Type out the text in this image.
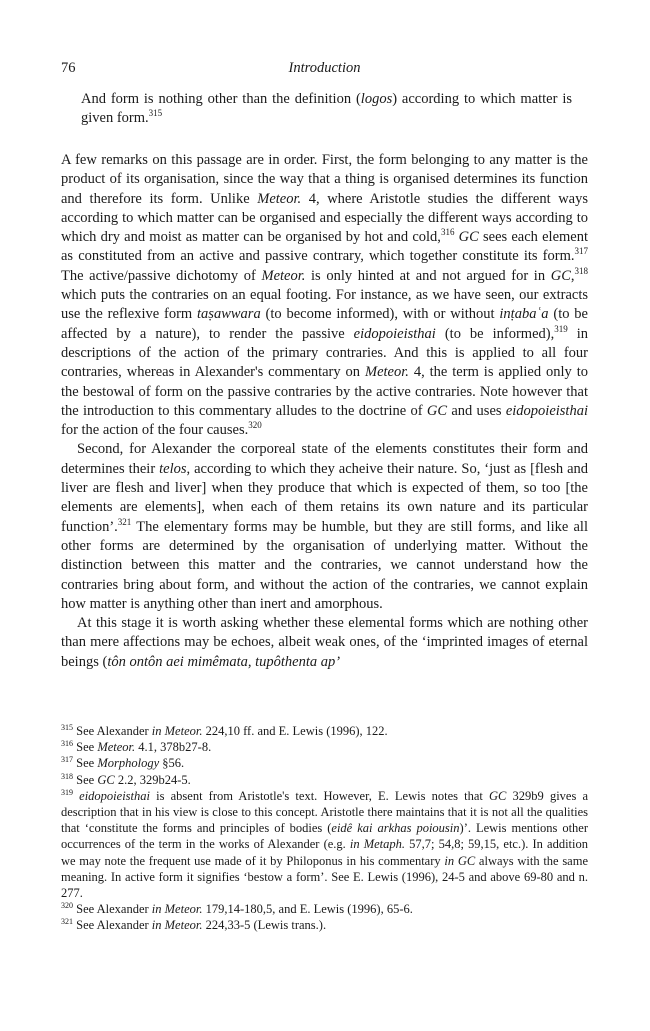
76	Introduction
And form is nothing other than the definition (logos) according to which matter is given form.$^{315}$

A few remarks on this passage are in order. First, the form belonging to any matter is the product of its organisation, since the way that a thing is organised determines its function and therefore its form. Unlike Meteor. 4, where Aristotle studies the different ways according to which matter can be organised and especially the different ways according to which dry and moist as matter can be organised by hot and cold,$^{316}$ GC sees each element as constituted from an active and passive contrary, which together constitute its form.$^{317}$ The active/passive dichotomy of Meteor. is only hinted at and not argued for in GC,$^{318}$ which puts the contraries on an equal footing. For instance, as we have seen, our extracts use the reflexive form taṣawwara (to become informed), with or without inṭabaʿa (to be affected by a nature), to render the passive eidopoieisthai (to be informed),$^{319}$ in descriptions of the action of the primary contraries. And this is applied to all four contraries, whereas in Alexander's commentary on Meteor. 4, the term is applied only to the bestowal of form on the passive contraries by the active contraries. Note however that the introduction to this commentary alludes to the doctrine of GC and uses eidopoieisthai for the action of the four causes.$^{320}$

Second, for Alexander the corporeal state of the elements constitutes their form and determines their telos, according to which they acheive their nature. So, ‘just as [flesh and liver are flesh and liver] when they produce that which is expected of them, so too [the elements are elements], when each of them retains its own nature and its particular function’.$^{321}$ The elementary forms may be humble, but they are still forms, and like all other forms are determined by the organisation of underlying matter. Without the distinction between this matter and the contraries, we cannot understand how the contraries bring about form, and without the action of the contraries, we cannot explain how matter is anything other than inert and amorphous.

At this stage it is worth asking whether these elemental forms which are nothing other than mere affections may be echoes, albeit weak ones, of the ‘imprinted images of eternal beings (tôn ontôn aei mimêmata, tupôthenta ap’

$^{315}$ See Alexander in Meteor. 224,10 ff. and E. Lewis (1996), 122.
$^{316}$ See Meteor. 4.1, 378b27-8.
$^{317}$ See Morphology §56.
$^{318}$ See GC 2.2, 329b24-5.
$^{319}$ eidopoieisthai is absent from Aristotle's text. However, E. Lewis notes that GC 329b9 gives a description that in his view is close to this concept. Aristotle there maintains that it is not all the qualities that ‘constitute the forms and principles of bodies (eidê kai arkhas poiousin)’. Lewis mentions other occurrences of the term in the works of Alexander (e.g. in Metaph. 57,7; 54,8; 59,15, etc.). In addition we may note the frequent use made of it by Philoponus in his commentary in GC always with the same meaning. In active form it signifies ‘bestow a form’. See E. Lewis (1996), 24-5 and above 69-80 and n. 277.
$^{320}$ See Alexander in Meteor. 179,14-180,5, and E. Lewis (1996), 65-6.
$^{321}$ See Alexander in Meteor. 224,33-5 (Lewis trans.).
